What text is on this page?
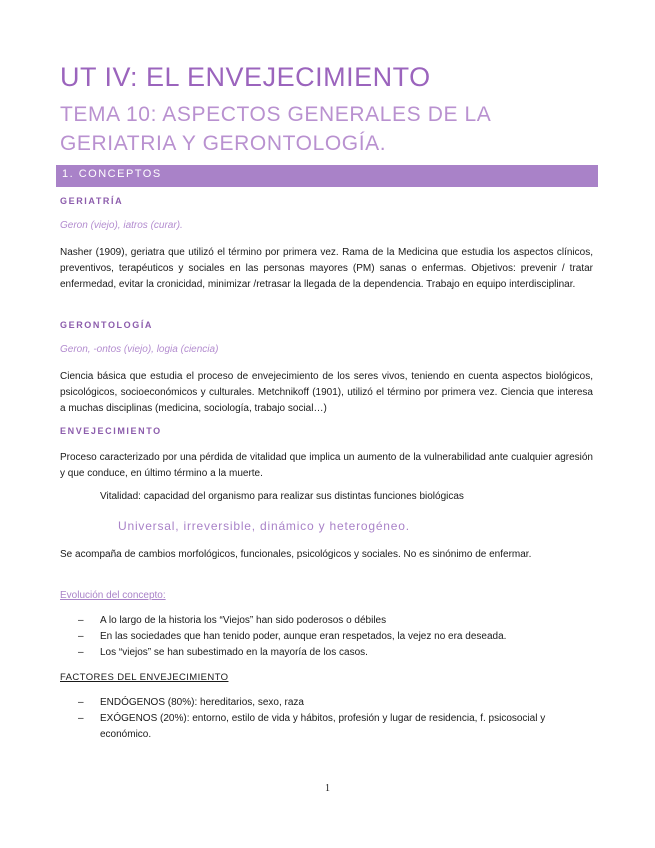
UT IV: EL ENVEJECIMIENTO
TEMA 10: ASPECTOS GENERALES DE LA GERIATRIA Y GERONTOLOGÍA.
1. CONCEPTOS
GERIATRÍA
Geron (viejo), iatros (curar).
Nasher (1909), geriatra que utilizó el término por primera vez. Rama de la Medicina que estudia los aspectos clínicos, preventivos, terapéuticos y sociales en las personas mayores (PM) sanas o enfermas. Objetivos: prevenir / tratar enfermedad, evitar la cronicidad, minimizar /retrasar la llegada de la dependencia. Trabajo en equipo interdisciplinar.
GERONTOLOGÍA
Geron, -ontos (viejo), logia (ciencia)
Ciencia básica que estudia el proceso de envejecimiento de los seres vivos, teniendo en cuenta aspectos biológicos, psicológicos, socioeconómicos y culturales. Metchnikoff (1901), utilizó el término por primera vez. Ciencia que interesa a muchas disciplinas (medicina, sociología, trabajo social…)
ENVEJECIMIENTO
Proceso caracterizado por una pérdida de vitalidad que implica un aumento de la vulnerabilidad ante cualquier agresión y que conduce, en último término a la muerte.
Vitalidad: capacidad del organismo para realizar sus distintas funciones biológicas
Universal, irreversible, dinámico y heterogéneo.
Se acompaña de cambios morfológicos, funcionales, psicológicos y sociales. No es sinónimo de enfermar.
Evolución del concepto:
– A lo largo de la historia los “Viejos” han sido poderosos o débiles
– En las sociedades que han tenido poder, aunque eran respetados, la vejez no era deseada.
– Los “viejos” se han subestimado en la mayoría de los casos.
FACTORES DEL ENVEJECIMIENTO
– ENDÓGENOS (80%): hereditarios, sexo, raza
– EXÓGENOS (20%): entorno, estilo de vida y hábitos, profesión y lugar de residencia, f. psicosocial y económico.
1
